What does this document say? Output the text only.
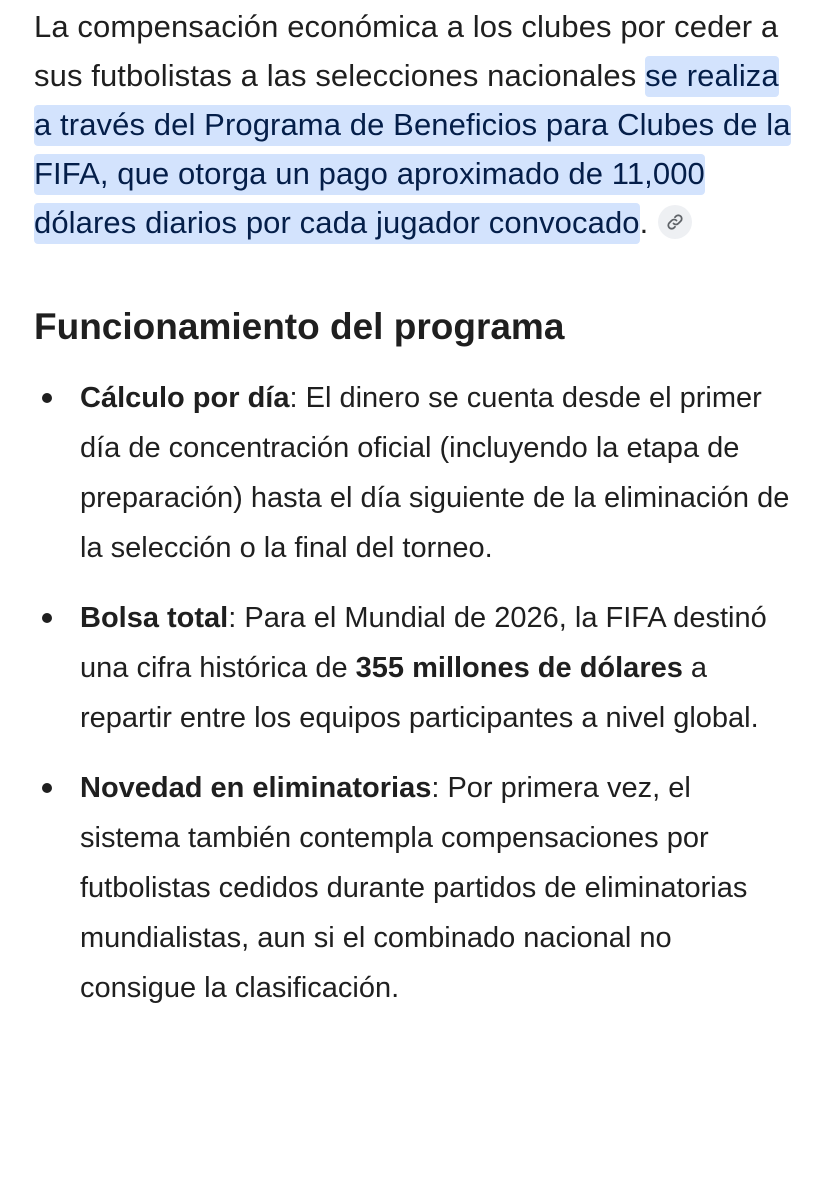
La compensación económica a los clubes por ceder a sus futbolistas a las selecciones nacionales se realiza a través del Programa de Beneficios para Clubes de la FIFA, que otorga un pago aproximado de 11,000 dólares diarios por cada jugador convocado.

Funcionamiento del programa
Cálculo por día: El dinero se cuenta desde el primer día de concentración oficial (incluyendo la etapa de preparación) hasta el día siguiente de la eliminación de la selección o la final del torneo.
Bolsa total: Para el Mundial de 2026, la FIFA destinó una cifra histórica de 355 millones de dólares a repartir entre los equipos participantes a nivel global.
Novedad en eliminatorias: Por primera vez, el sistema también contempla compensaciones por futbolistas cedidos durante partidos de eliminatorias mundialistas, aun si el combinado nacional no consigue la clasificación.
